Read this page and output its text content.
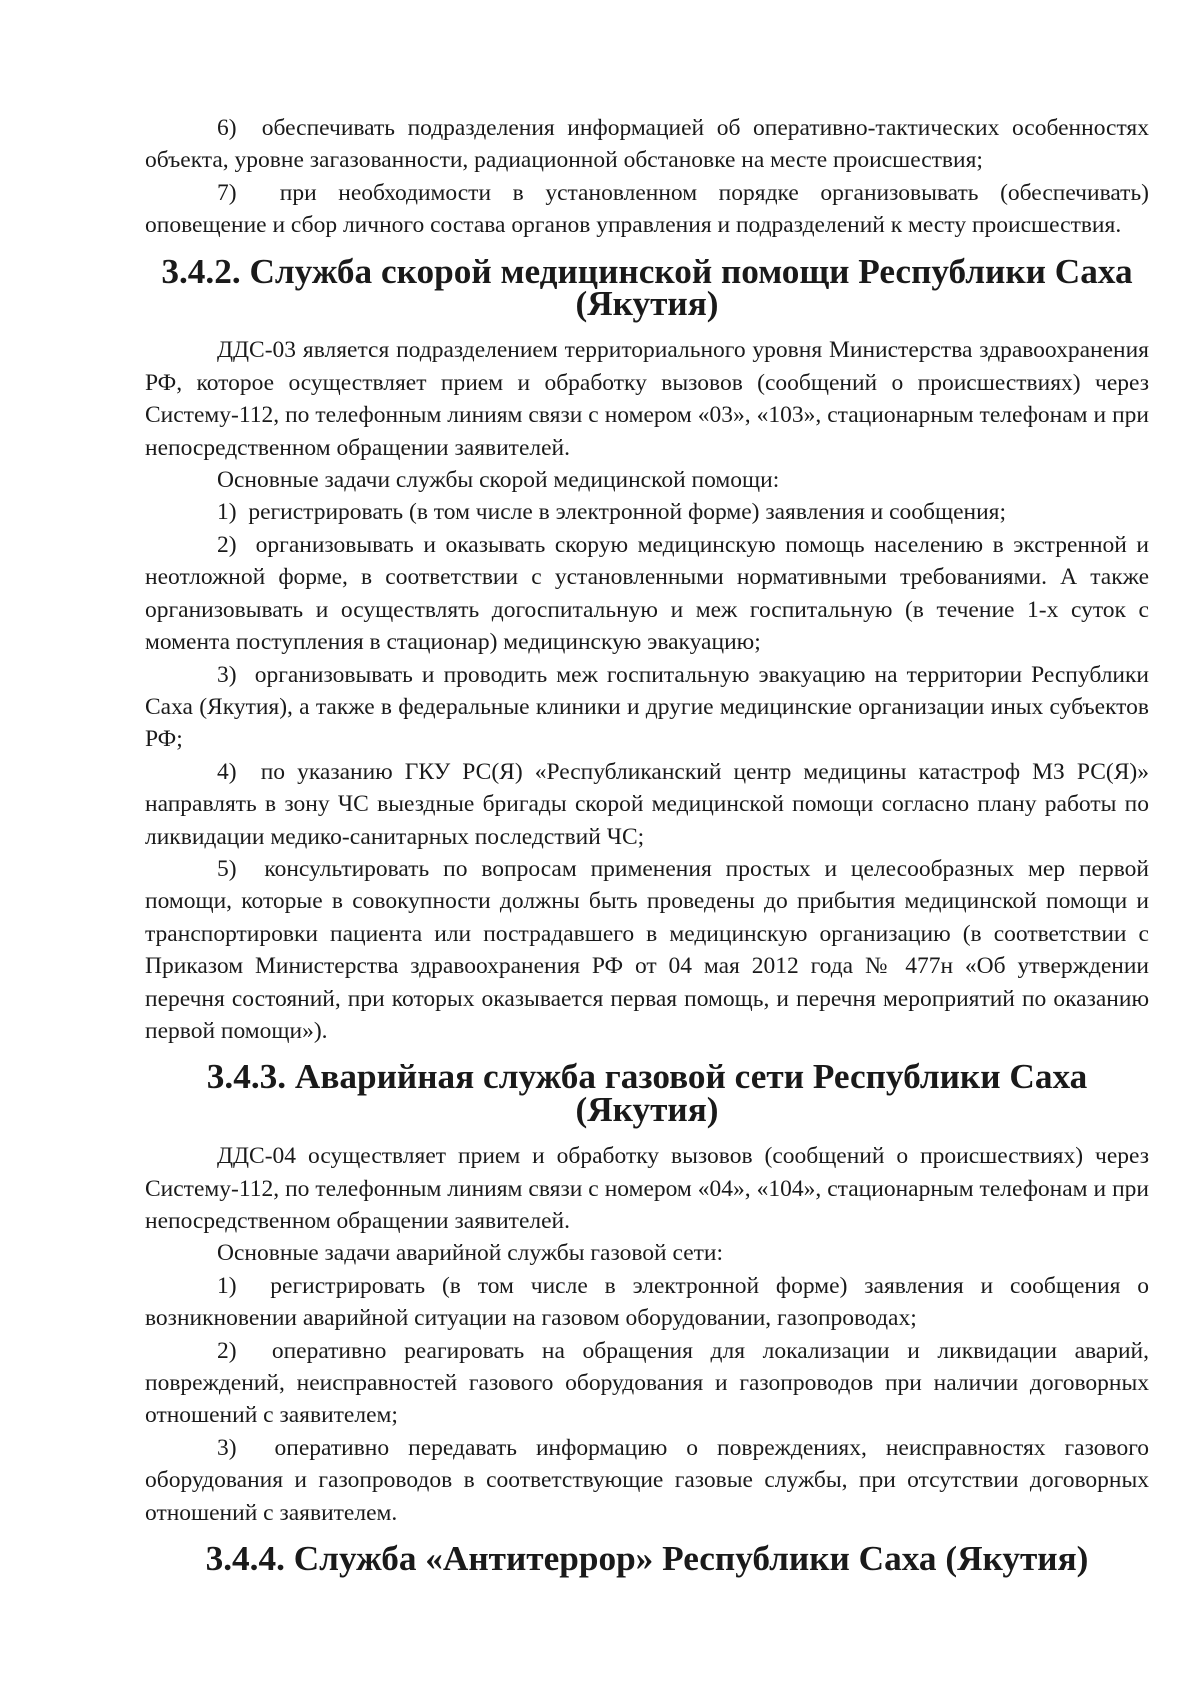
6)  обеспечивать подразделения информацией об оперативно-тактических особенностях объекта, уровне загазованности, радиационной обстановке на месте происшествия;

7)  при необходимости в установленном порядке организовывать (обеспечивать) оповещение и сбор личного состава органов управления и подразделений к месту происшествия.

3.4.2. Служба скорой медицинской помощи Республики Саха (Якутия)

ДДС-03 является подразделением территориального уровня Министерства здравоохранения РФ, которое осуществляет прием и обработку вызовов (сообщений о происшествиях) через Систему-112, по телефонным линиям связи с номером «03», «103», стационарным телефонам и при непосредственном обращении заявителей.

Основные задачи службы скорой медицинской помощи:

1)  регистрировать (в том числе в электронной форме) заявления и сообщения;

2)  организовывать и оказывать скорую медицинскую помощь населению в экстренной и неотложной форме, в соответствии с установленными нормативными требованиями. А также организовывать и осуществлять догоспитальную и меж госпитальную (в течение 1-х суток с момента поступления в стационар) медицинскую эвакуацию;

3)  организовывать и проводить меж госпитальную эвакуацию на территории Республики Саха (Якутия), а также в федеральные клиники и другие медицинские организации иных субъектов РФ;

4)  по указанию ГКУ РС(Я) «Республиканский центр медицины катастроф МЗ РС(Я)» направлять в зону ЧС выездные бригады скорой медицинской помощи согласно плану работы по ликвидации медико-санитарных последствий ЧС;

5)  консультировать по вопросам применения простых и целесообразных мер первой помощи, которые в совокупности должны быть проведены до прибытия медицинской помощи и транспортировки пациента или пострадавшего в медицинскую организацию (в соответствии с Приказом Министерства здравоохранения РФ от 04 мая 2012 года № 477н «Об утверждении перечня состояний, при которых оказывается первая помощь, и перечня мероприятий по оказанию первой помощи»).

3.4.3. Аварийная служба газовой сети Республики Саха (Якутия)

ДДС-04 осуществляет прием и обработку вызовов (сообщений о происшествиях) через Систему-112, по телефонным линиям связи с номером «04», «104», стационарным телефонам и при непосредственном обращении заявителей.

Основные задачи аварийной службы газовой сети:

1)  регистрировать (в том числе в электронной форме) заявления и сообщения о возникновении аварийной ситуации на газовом оборудовании, газопроводах;

2)  оперативно реагировать на обращения для локализации и ликвидации аварий, повреждений, неисправностей газового оборудования и газопроводов при наличии договорных отношений с заявителем;

3)  оперативно передавать информацию о повреждениях, неисправностях газового оборудования и газопроводов в соответствующие газовые службы, при отсутствии договорных отношений с заявителем.

3.4.4. Служба «Антитеррор» Республики Саха (Якутия)
